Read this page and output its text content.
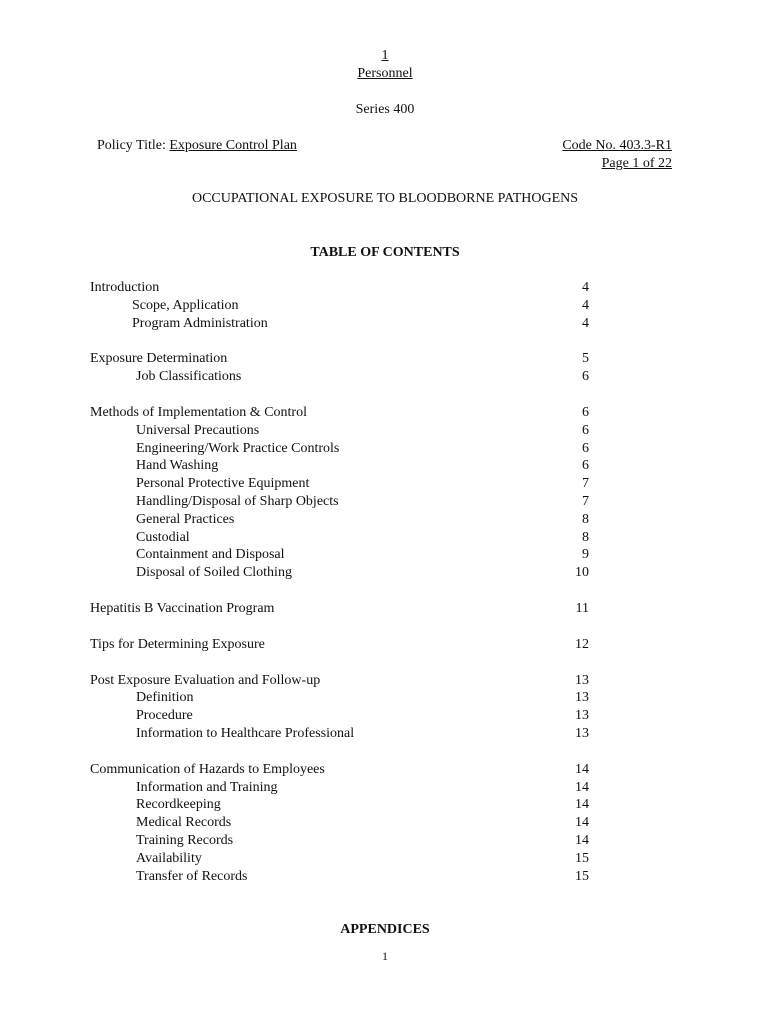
1
Personnel
Series 400
Policy Title: Exposure Control Plan	Code No. 403.3-R1
Page 1 of 22
OCCUPATIONAL EXPOSURE TO BLOODBORNE PATHOGENS
TABLE OF CONTENTS
Introduction	4
Scope, Application	4
Program Administration	4
Exposure Determination	5
Job Classifications	6
Methods of Implementation & Control	6
Universal Precautions	6
Engineering/Work Practice Controls	6
Hand Washing	6
Personal Protective Equipment	7
Handling/Disposal of Sharp Objects	7
General Practices	8
Custodial	8
Containment and Disposal	9
Disposal of Soiled Clothing	10
Hepatitis B Vaccination Program	11
Tips for Determining Exposure	12
Post Exposure Evaluation and Follow-up	13
Definition	13
Procedure	13
Information to Healthcare Professional	13
Communication of Hazards to Employees	14
Information and Training	14
Recordkeeping	14
Medical Records	14
Training Records	14
Availability	15
Transfer of Records	15
APPENDICES
1
